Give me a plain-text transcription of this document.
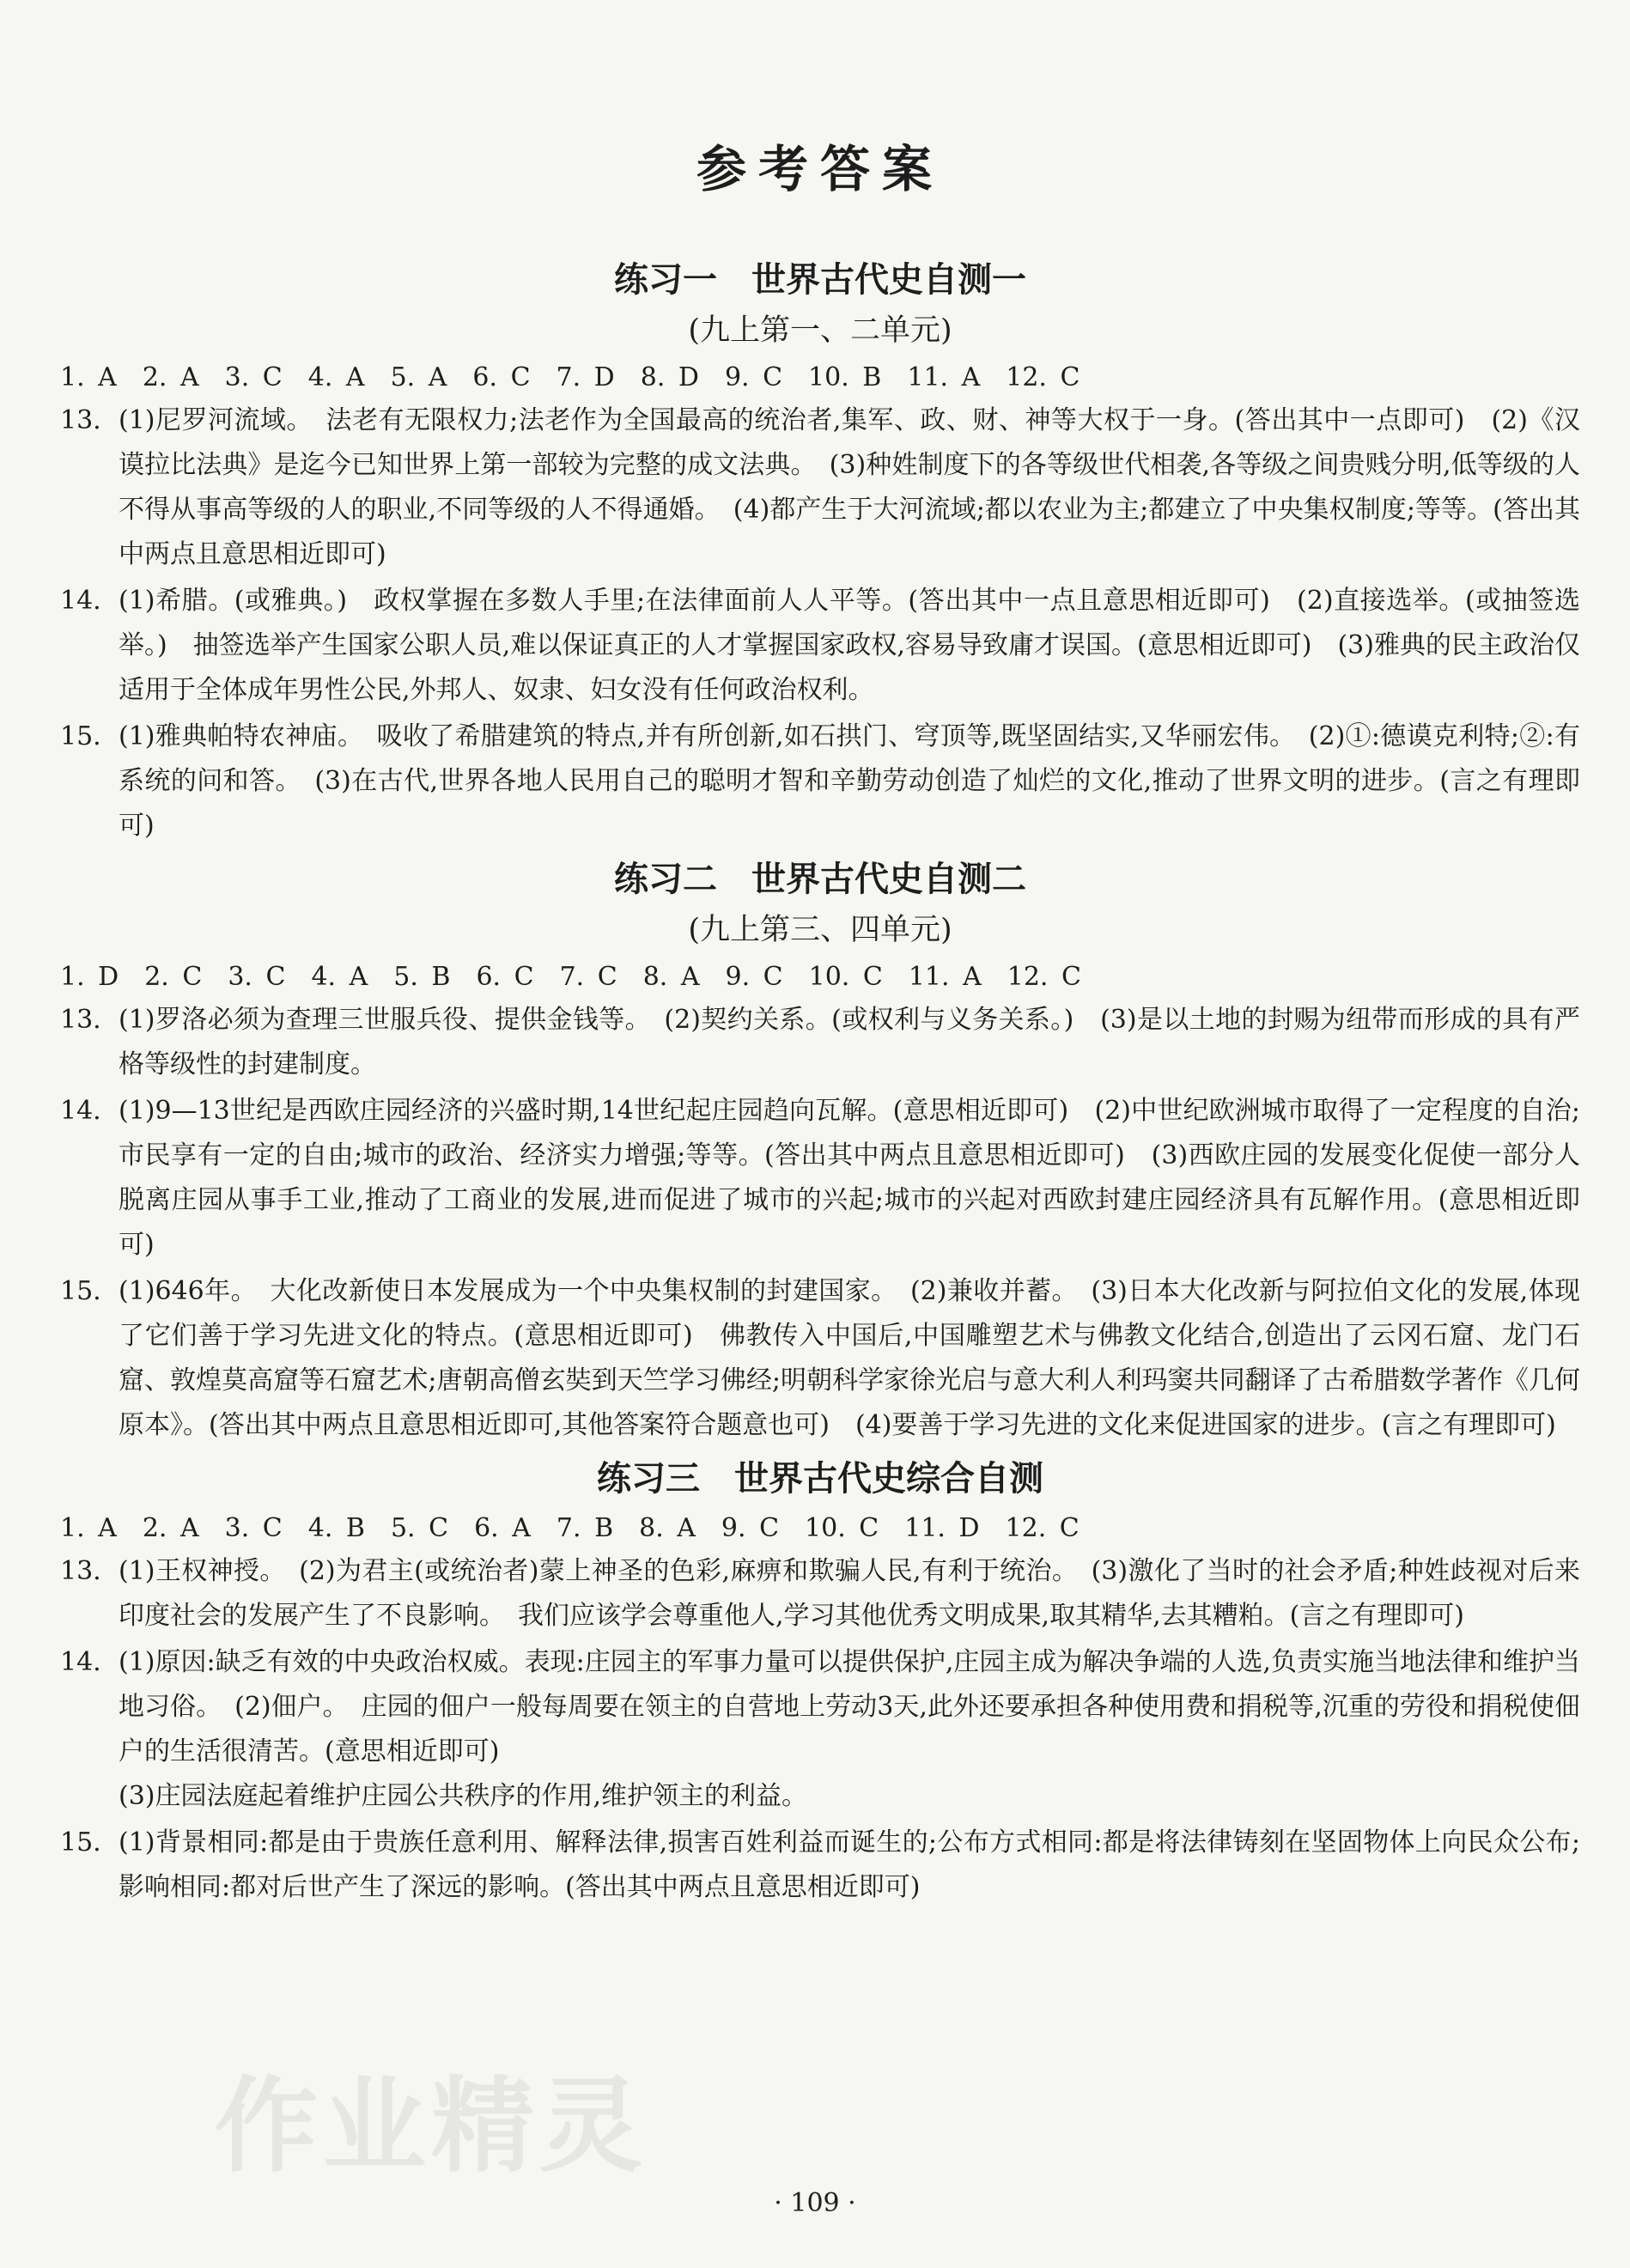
参考答案
练习一　世界古代史自测一
(九上第一、二单元)

1. A　2. A　3. C　4. A　5. A　6. C　7. D　8. D　9. C　10. B　11. A　12. C

13. (1)尼罗河流域。　法老有无限权力;法老作为全国最高的统治者,集军、政、财、神等大权于一身。(答出其中一点即可)　(2)《汉谟拉比法典》是迄今已知世界上第一部较为完整的成文法典。　(3)种姓制度下的各等级世代相袭,各等级之间贵贱分明,低等级的人不得从事高等级的人的职业,不同等级的人不得通婚。　(4)都产生于大河流域;都以农业为主;都建立了中央集权制度;等等。(答出其中两点且意思相近即可)
14. (1)希腊。(或雅典。)　政权掌握在多数人手里;在法律面前人人平等。(答出其中一点且意思相近即可)　(2)直接选举。(或抽签选举。)　抽签选举产生国家公职人员,难以保证真正的人才掌握国家政权,容易导致庸才误国。(意思相近即可)　(3)雅典的民主政治仅适用于全体成年男性公民,外邦人、奴隶、妇女没有任何政治权利。
15. (1)雅典帕特农神庙。　吸收了希腊建筑的特点,并有所创新,如石拱门、穹顶等,既坚固结实,又华丽宏伟。　(2)①:德谟克利特;②:有系统的问和答。　(3)在古代,世界各地人民用自己的聪明才智和辛勤劳动创造了灿烂的文化,推动了世界文明的进步。(言之有理即可)
练习二　世界古代史自测二
(九上第三、四单元)

1. D　2. C　3. C　4. A　5. B　6. C　7. C　8. A　9. C　10. C　11. A　12. C

13. (1)罗洛必须为查理三世服兵役、提供金钱等。　(2)契约关系。(或权利与义务关系。)　(3)是以土地的封赐为纽带而形成的具有严格等级性的封建制度。
14. (1)9—13世纪是西欧庄园经济的兴盛时期,14世纪起庄园趋向瓦解。(意思相近即可)　(2)中世纪欧洲城市取得了一定程度的自治;市民享有一定的自由;城市的政治、经济实力增强;等等。(答出其中两点且意思相近即可)　(3)西欧庄园的发展变化促使一部分人脱离庄园从事手工业,推动了工商业的发展,进而促进了城市的兴起;城市的兴起对西欧封建庄园经济具有瓦解作用。(意思相近即可)
15. (1)646年。　大化改新使日本发展成为一个中央集权制的封建国家。　(2)兼收并蓄。　(3)日本大化改新与阿拉伯文化的发展,体现了它们善于学习先进文化的特点。(意思相近即可)　佛教传入中国后,中国雕塑艺术与佛教文化结合,创造出了云冈石窟、龙门石窟、敦煌莫高窟等石窟艺术;唐朝高僧玄奘到天竺学习佛经;明朝科学家徐光启与意大利人利玛窦共同翻译了古希腊数学著作《几何原本》。(答出其中两点且意思相近即可,其他答案符合题意也可)　(4)要善于学习先进的文化来促进国家的进步。(言之有理即可)
练习三　世界古代史综合自测

1. A　2. A　3. C　4. B　5. C　6. A　7. B　8. A　9. C　10. C　11. D　12. C

13. (1)王权神授。　(2)为君主(或统治者)蒙上神圣的色彩,麻痹和欺骗人民,有利于统治。　(3)激化了当时的社会矛盾;种姓歧视对后来印度社会的发展产生了不良影响。　我们应该学会尊重他人,学习其他优秀文明成果,取其精华,去其糟粕。(言之有理即可)
14. (1)原因:缺乏有效的中央政治权威。表现:庄园主的军事力量可以提供保护,庄园主成为解决争端的人选,负责实施当地法律和维护当地习俗。　(2)佃户。　庄园的佃户一般每周要在领主的自营地上劳动3天,此外还要承担各种使用费和捐税等,沉重的劳役和捐税使佃户的生活很清苦。(意思相近即可)
(3)庄园法庭起着维护庄园公共秩序的作用,维护领主的利益。
15. (1)背景相同:都是由于贵族任意利用、解释法律,损害百姓利益而诞生的;公布方式相同:都是将法律铸刻在坚固物体上向民众公布;影响相同:都对后世产生了深远的影响。(答出其中两点且意思相近即可)
作业精灵
· 109 ·
